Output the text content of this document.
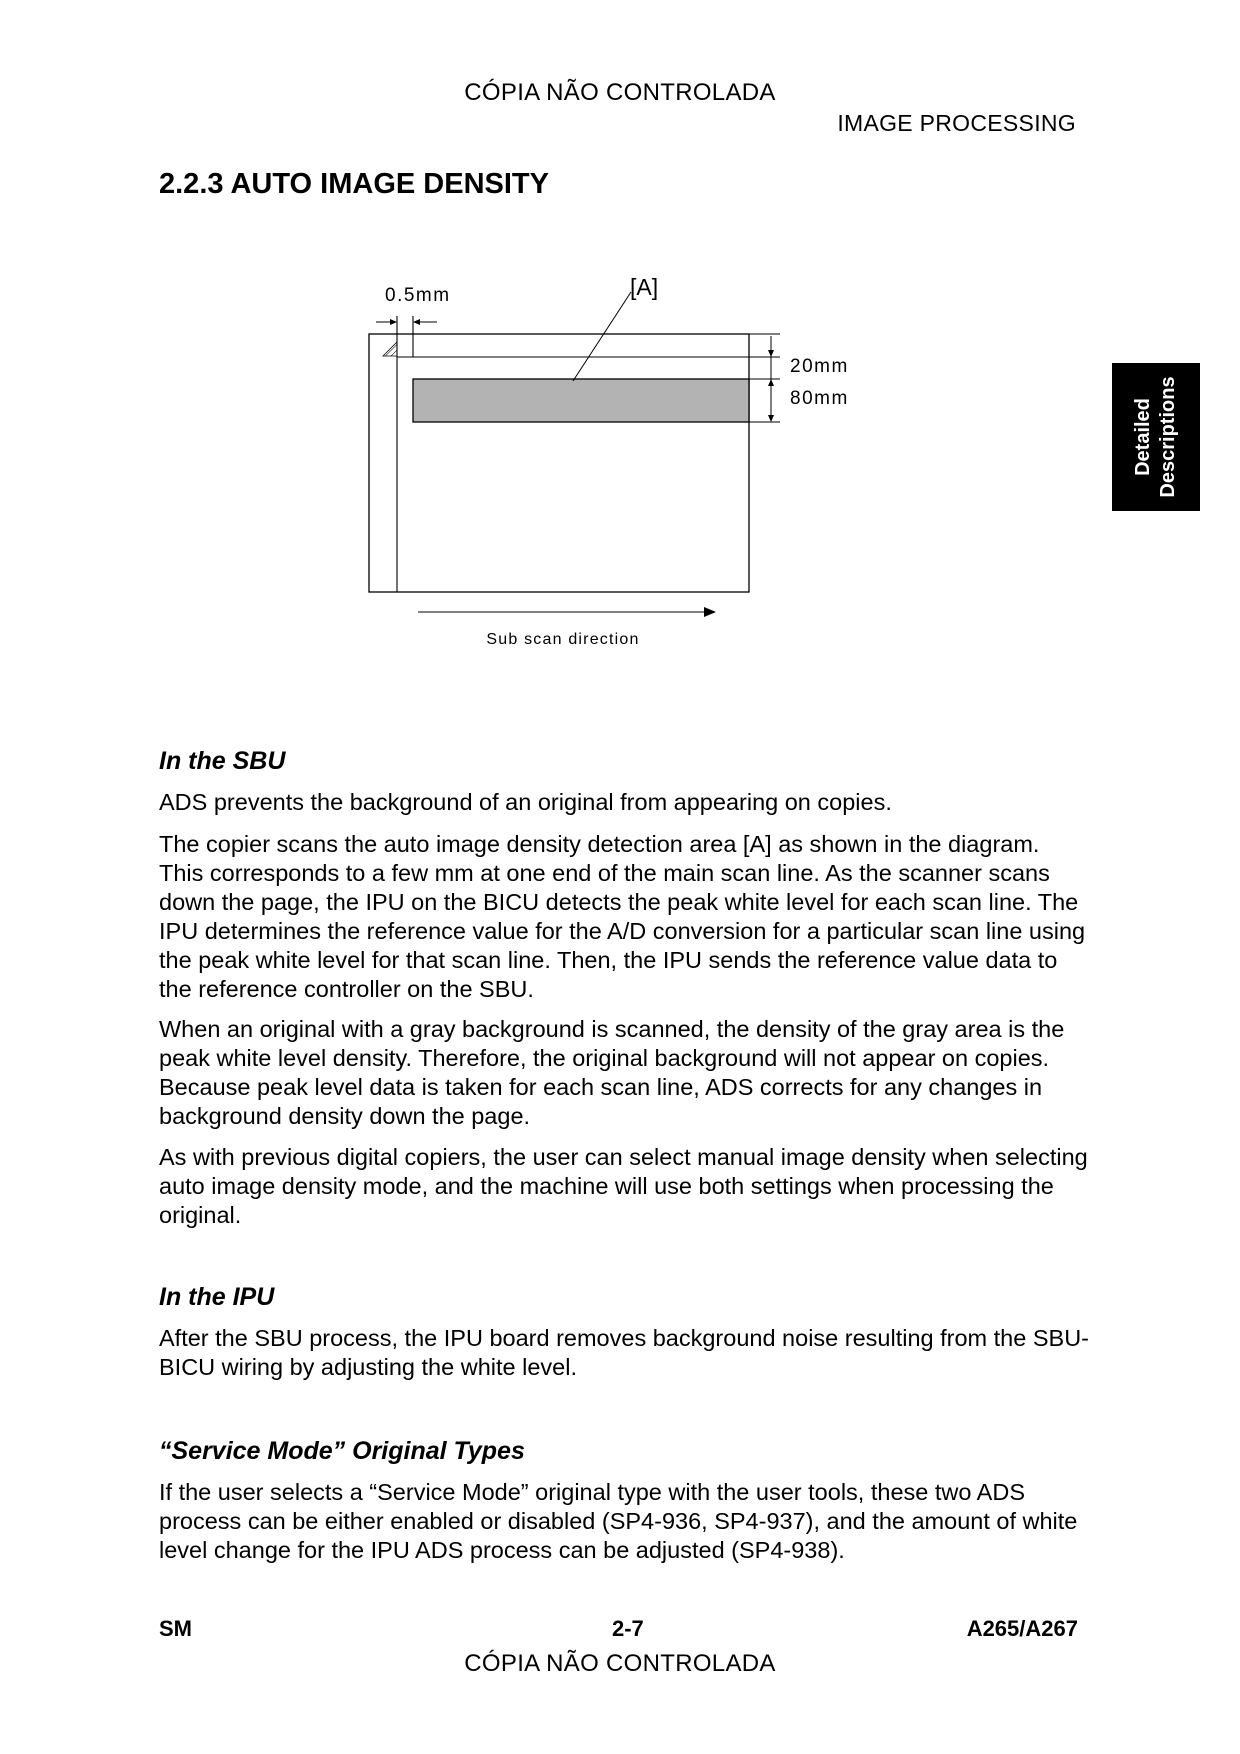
CÓPIA NÃO CONTROLADA
IMAGE PROCESSING
2.2.3 AUTO IMAGE DENSITY
Detailed Descriptions
0.5mm	[A]
20mm
80mm
Sub scan direction
In the SBU

ADS prevents the background of an original from appearing on copies.

The copier scans the auto image density detection area [A] as shown in the diagram. This corresponds to a few mm at one end of the main scan line. As the scanner scans down the page, the IPU on the BICU detects the peak white level for each scan line. The IPU determines the reference value for the A/D conversion for a particular scan line using the peak white level for that scan line. Then, the IPU sends the reference value data to the reference controller on the SBU.

When an original with a gray background is scanned, the density of the gray area is the peak white level density. Therefore, the original background will not appear on copies. Because peak level data is taken for each scan line, ADS corrects for any changes in background density down the page.

As with previous digital copiers, the user can select manual image density when selecting auto image density mode, and the machine will use both settings when processing the original.

In the IPU

After the SBU process, the IPU board removes background noise resulting from the SBU-BICU wiring by adjusting the white level.

“Service Mode” Original Types

If the user selects a “Service Mode” original type with the user tools, these two ADS process can be either enabled or disabled (SP4-936, SP4-937), and the amount of white level change for the IPU ADS process can be adjusted (SP4-938).

SM	2-7	A265/A267
CÓPIA NÃO CONTROLADA
